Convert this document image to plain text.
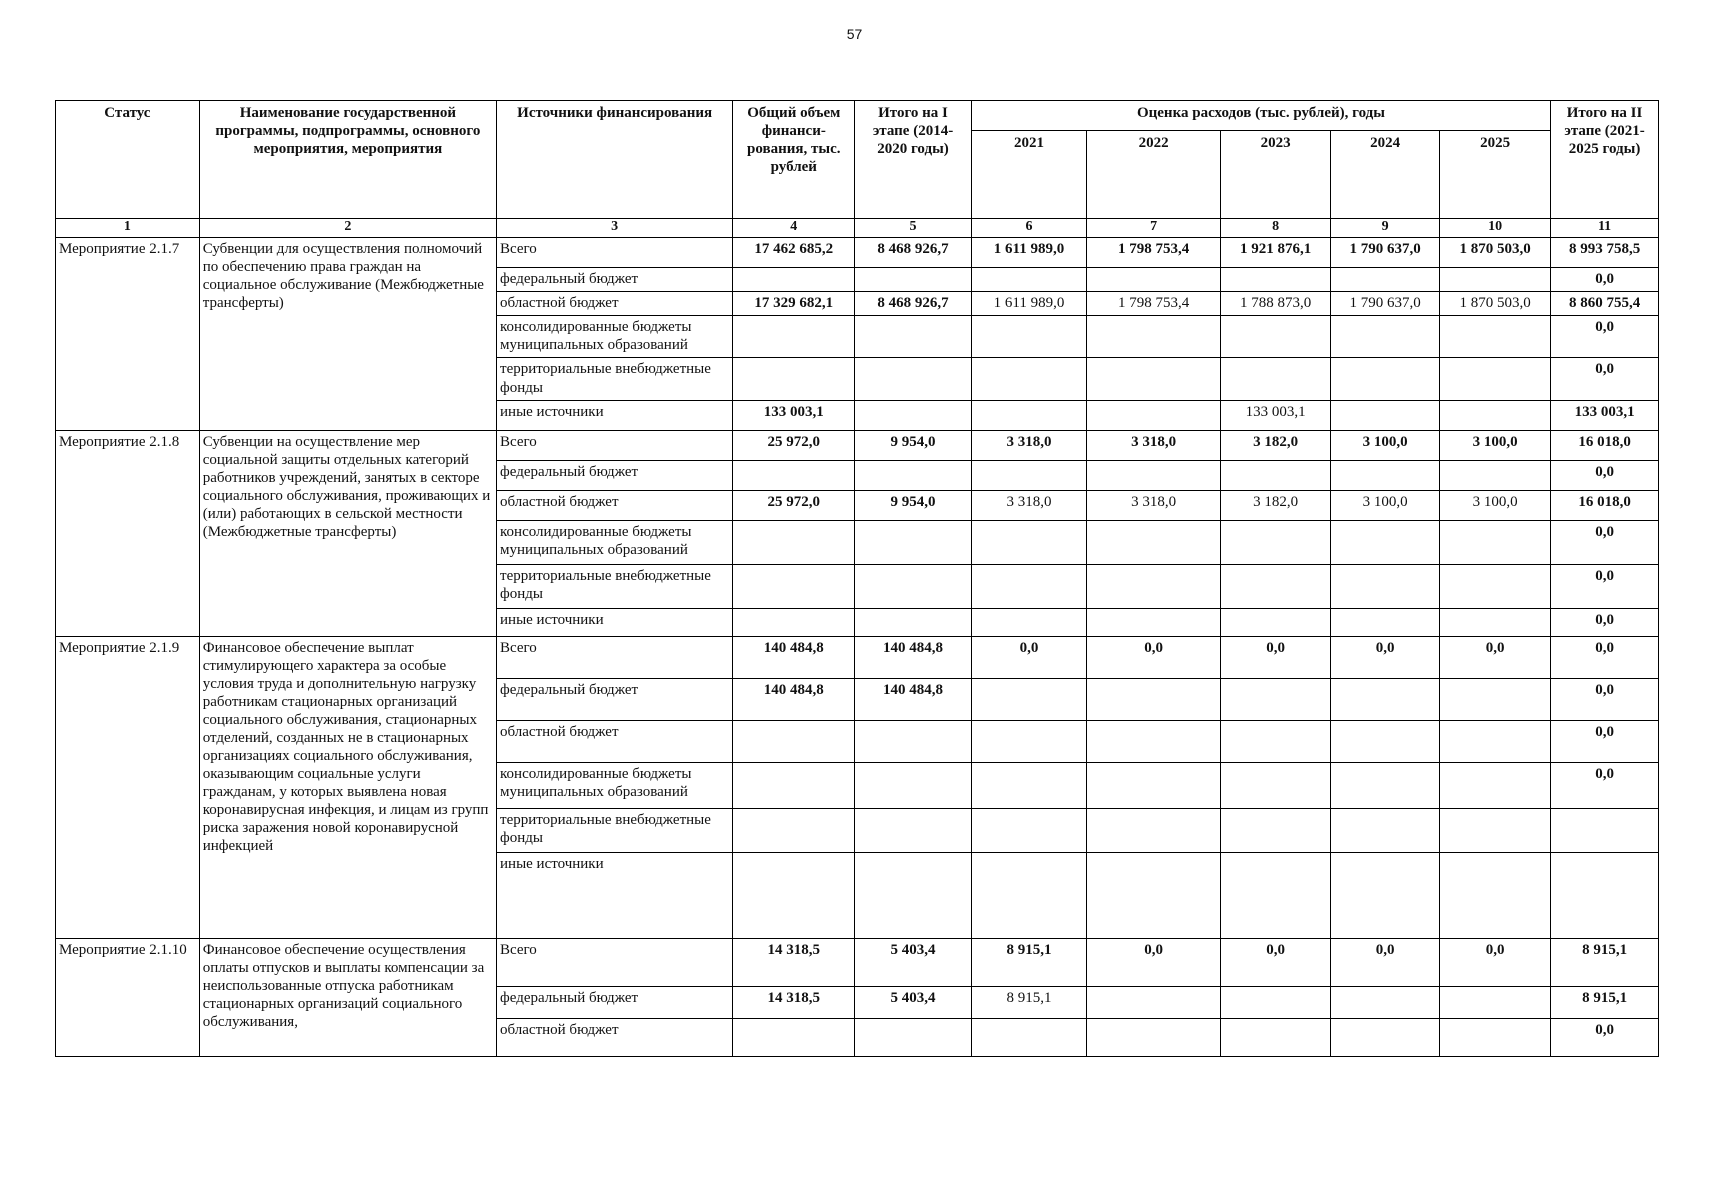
57
Статус	Наименование государственной программы, подпрограммы, основного мероприятия, мероприятия	Источники финансирования	Общий объем финанси-рования, тыс. рублей	Итого на I этапе (2014-2020 годы)	Оценка расходов (тыс. рублей), годы					Итого на II этапе (2021-2025 годы)
					2021	2022	2023	2024	2025	
1	2	3	4	5	6	7	8	9	10	11
Мероприятие 2.1.7	Субвенции для осуществления полномочий по обеспечению права граждан на социальное обслуживание (Межбюджетные трансферты)	Всего	17 462 685,2	8 468 926,7	1 611 989,0	1 798 753,4	1 921 876,1	1 790 637,0	1 870 503,0	8 993 758,5
		федеральный бюджет								0,0
		областной бюджет	17 329 682,1	8 468 926,7	1 611 989,0	1 798 753,4	1 788 873,0	1 790 637,0	1 870 503,0	8 860 755,4
		консолидированные бюджеты муниципальных образований								0,0
		территориальные внебюджетные фонды								0,0
		иные источники	133 003,1				133 003,1			133 003,1
Мероприятие 2.1.8	Субвенции на осуществление мер социальной защиты отдельных категорий работников учреждений, занятых в секторе социального обслуживания, проживающих и (или) работающих в сельской местности (Межбюджетные трансферты)	Всего	25 972,0	9 954,0	3 318,0	3 318,0	3 182,0	3 100,0	3 100,0	16 018,0
		федеральный бюджет								0,0
		областной бюджет	25 972,0	9 954,0	3 318,0	3 318,0	3 182,0	3 100,0	3 100,0	16 018,0
		консолидированные бюджеты муниципальных образований								0,0
		территориальные внебюджетные фонды								0,0
		иные источники								0,0
Мероприятие 2.1.9	Финансовое обеспечение выплат стимулирующего характера за особые условия труда и дополнительную нагрузку работникам стационарных организаций социального обслуживания, стационарных отделений, созданных не в стационарных организациях социального обслуживания, оказывающим социальные услуги гражданам, у которых выявлена новая коронавирусная инфекция, и лицам из групп риска заражения новой коронавирусной инфекцией	Всего	140 484,8	140 484,8	0,0	0,0	0,0	0,0	0,0	0,0
		федеральный бюджет	140 484,8	140 484,8						0,0
		областной бюджет								0,0
		консолидированные бюджеты муниципальных образований								0,0
		территориальные внебюджетные фонды								
		иные источники								
Мероприятие 2.1.10	Финансовое обеспечение осуществления оплаты отпусков и выплаты компенсации за неиспользованные отпуска работникам стационарных организаций социального обслуживания,	Всего	14 318,5	5 403,4	8 915,1	0,0	0,0	0,0	0,0	8 915,1
		федеральный бюджет	14 318,5	5 403,4	8 915,1					8 915,1
		областной бюджет								0,0
